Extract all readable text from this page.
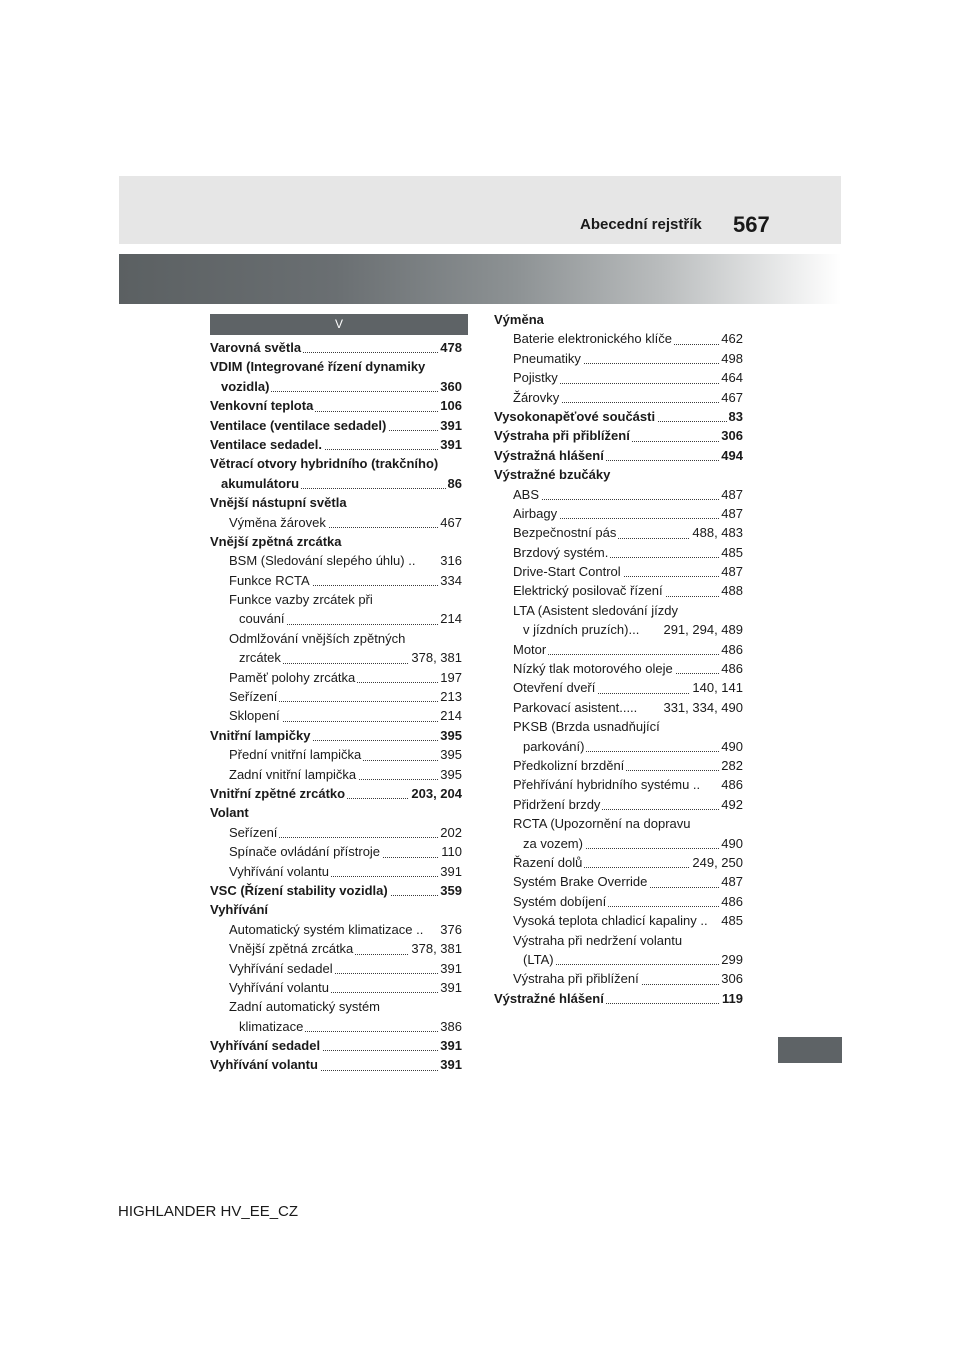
Abecední rejstřík 567
V
Varovná světla	478
VDIM (Integrované řízení dynamiky
vozidla)	360
Venkovní teplota	106
Ventilace (ventilace sedadel)	391
Ventilace sedadel.	391
Větrací otvory hybridního (trakčního)
akumulátoru	86
Vnější nástupní světla
Výměna žárovek	467
Vnější zpětná zrcátka
BSM (Sledování slepého úhlu) .. 316
Funkce RCTA	334
Funkce vazby zrcátek při
couvání	214
Odmlžování vnějších zpětných
zrcátek	378, 381
Paměť polohy zrcátka	197
Seřízení	213
Sklopení	214
Vnitřní lampičky	395
Přední vnitřní lampička	395
Zadní vnitřní lampička	395
Vnitřní zpětné zrcátko	203, 204
Volant
Seřízení	202
Spínače ovládání přístroje	110
Vyhřívání volantu	391
VSC (Řízení stability vozidla)	359
Vyhřívání
Automatický systém klimatizace .. 376
Vnější zpětná zrcátka	378, 381
Vyhřívání sedadel	391
Vyhřívání volantu	391
Zadní automatický systém
klimatizace	386
Vyhřívání sedadel	391
Vyhřívání volantu	391
Výměna
Baterie elektronického klíče	462
Pneumatiky	498
Pojistky	464
Žárovky	467
Vysokonapěťové součásti	83
Výstraha při přiblížení	306
Výstražná hlášení	494
Výstražné bzučáky
ABS	487
Airbagy	487
Bezpečnostní pás	488, 483
Brzdový systém.	485
Drive-Start Control	487
Elektrický posilovač řízení	488
LTA (Asistent sledování jízdy
v jízdních pruzích)... 291, 294, 489
Motor	486
Nízký tlak motorového oleje	486
Otevření dveří	140, 141
Parkovací asistent..... 331, 334, 490
PKSB (Brzda usnadňující
parkování)	490
Předkolizní brzdění	282
Přehřívání hybridního systému .. 486
Přidržení brzdy	492
RCTA (Upozornění na dopravu
za vozem)	490
Řazení dolů	249, 250
Systém Brake Override	487
Systém dobíjení	486
Vysoká teplota chladicí kapaliny .. 485
Výstraha při nedržení volantu
(LTA)	299
Výstraha při přiblížení	306
Výstražné hlášení	119
HIGHLANDER HV_EE_CZ
